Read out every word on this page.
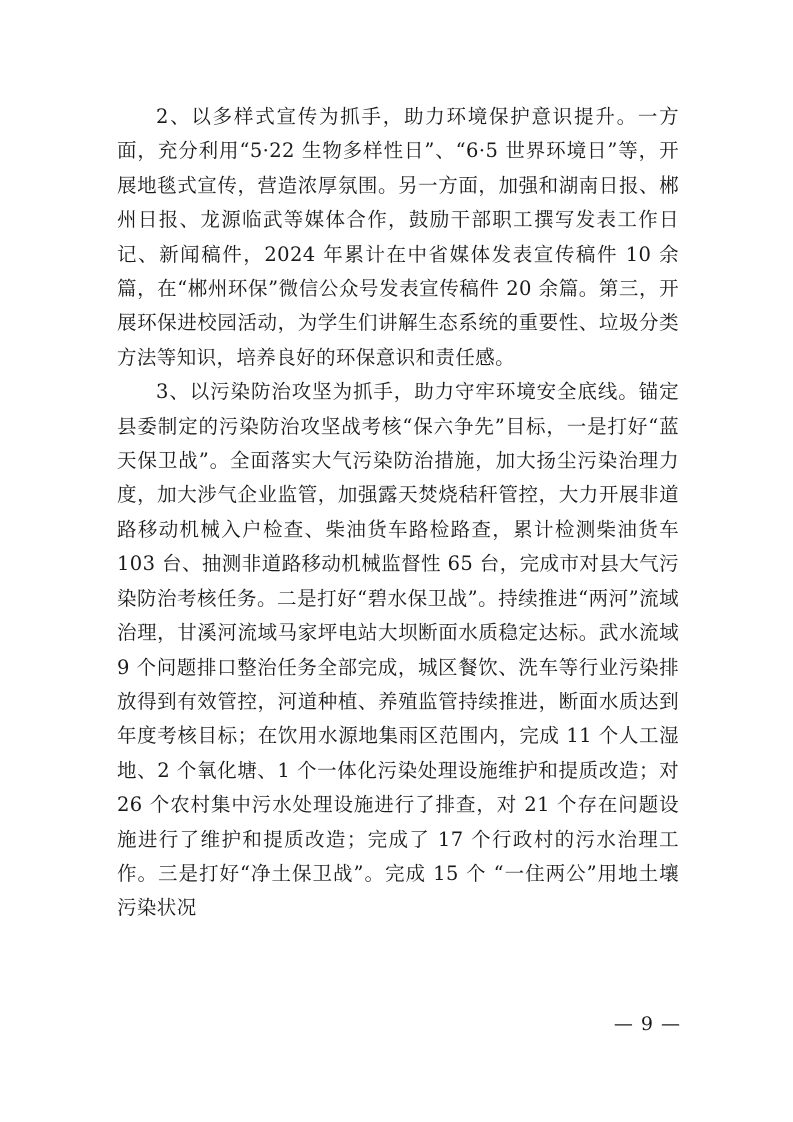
2、以多样式宣传为抓手，助力环境保护意识提升。一方面，充分利用“5·22 生物多样性日”、“6·5 世界环境日”等，开展地毯式宣传，营造浓厚氛围。另一方面，加强和湖南日报、郴州日报、龙源临武等媒体合作，鼓励干部职工撰写发表工作日记、新闻稿件，2024 年累计在中省媒体发表宣传稿件 10 余篇，在“郴州环保”微信公众号发表宣传稿件 20 余篇。第三，开展环保进校园活动，为学生们讲解生态系统的重要性、垃圾分类方法等知识，培养良好的环保意识和责任感。

3、以污染防治攻坚为抓手，助力守牢环境安全底线。锚定县委制定的污染防治攻坚战考核“保六争先”目标，一是打好“蓝天保卫战”。全面落实大气污染防治措施，加大扬尘污染治理力度，加大涉气企业监管，加强露天焚烧秸秆管控，大力开展非道路移动机械入户检查、柴油货车路检路查，累计检测柴油货车 103 台、抽测非道路移动机械监督性 65 台，完成市对县大气污染防治考核任务。二是打好“碧水保卫战”。持续推进“两河”流域治理，甘溪河流域马家坪电站大坝断面水质稳定达标。武水流域 9 个问题排口整治任务全部完成，城区餐饮、洗车等行业污染排放得到有效管控，河道种植、养殖监管持续推进，断面水质达到年度考核目标；在饮用水源地集雨区范围内，完成 11 个人工湿地、2 个氧化塘、1 个一体化污染处理设施维护和提质改造；对 26 个农村集中污水处理设施进行了排查，对 21 个存在问题设施进行了维护和提质改造；完成了 17 个行政村的污水治理工作。三是打好“净土保卫战”。完成 15 个 “一住两公”用地土壤污染状况

— 9 —
